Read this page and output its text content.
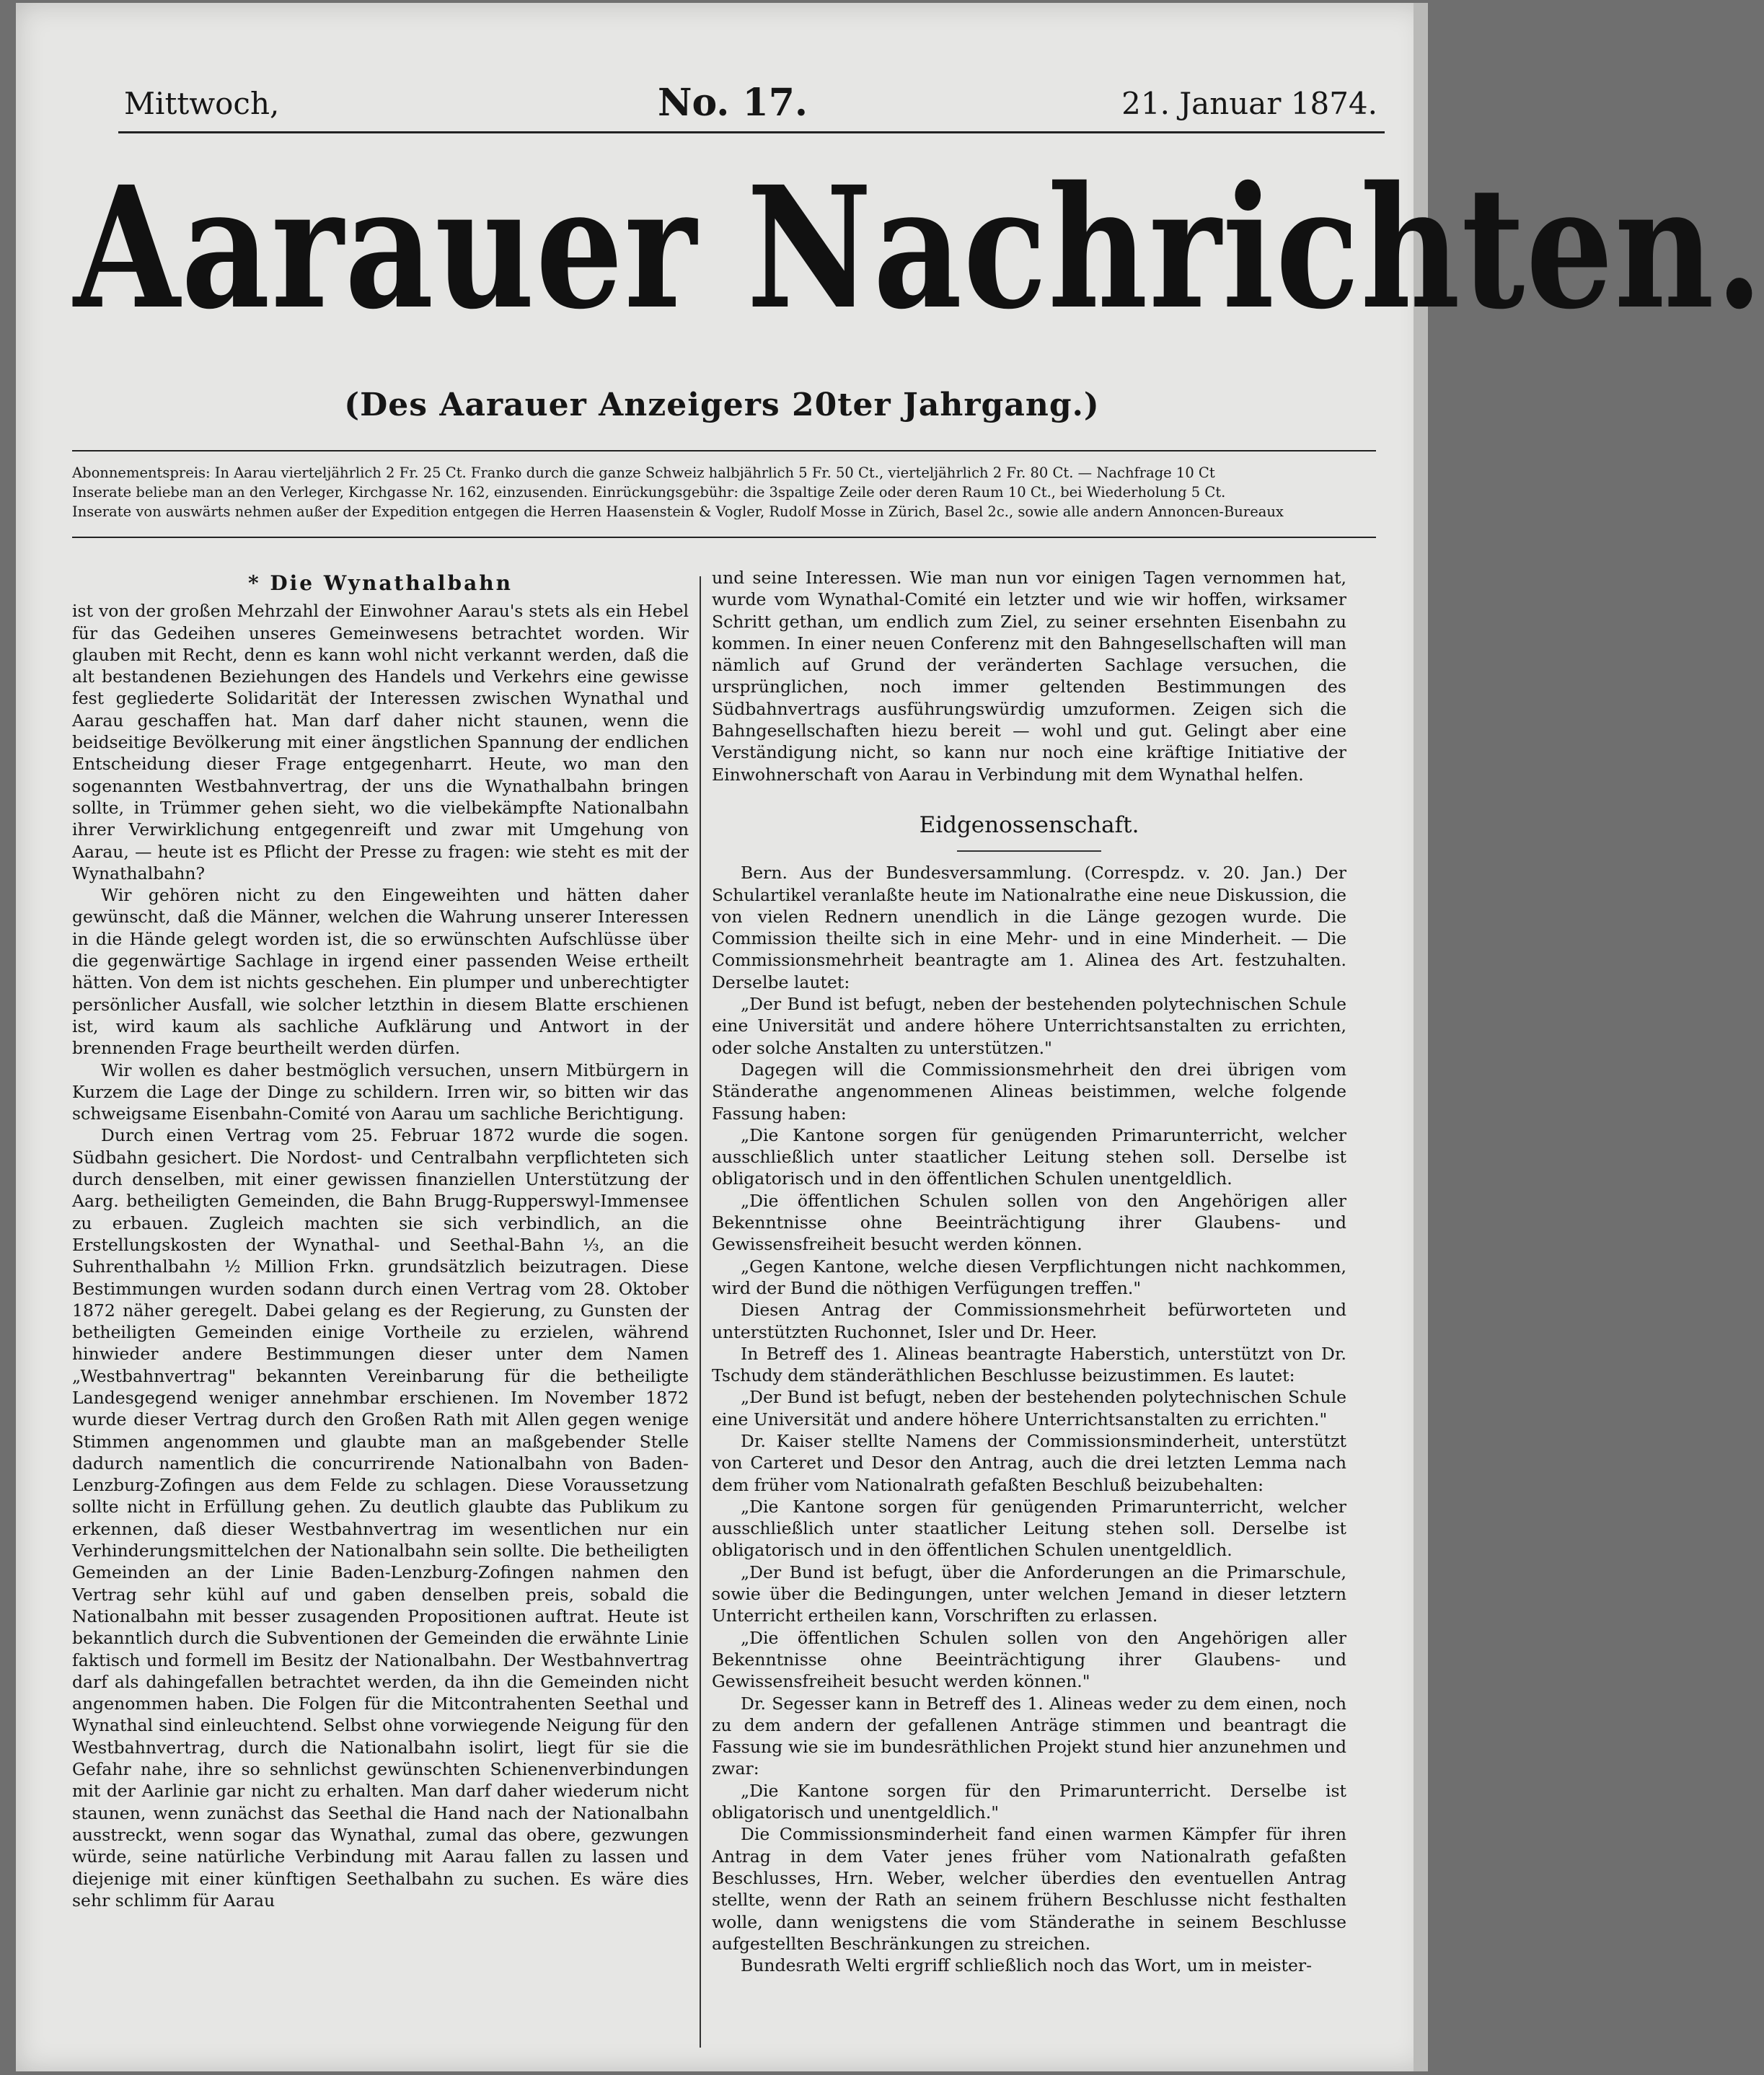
Mittwoch,	No. 17.	21. Januar 1874.
Aarauer Nachrichten.
(Des Aarauer Anzeigers 20ter Jahrgang.)

Abonnementspreis: In Aarau vierteljährlich 2 Fr. 25 Ct. Franko durch die ganze Schweiz halbjährlich 5 Fr. 50 Ct., vierteljährlich 2 Fr. 80 Ct. — Nachfrage 10 Ct

Inserate beliebe man an den Verleger, Kirchgasse Nr. 162, einzusenden. Einrückungsgebühr: die 3spaltige Zeile oder deren Raum 10 Ct., bei Wiederholung 5 Ct.

Inserate von auswärts nehmen außer der Expedition entgegen die Herren Haasenstein & Vogler, Rudolf Mosse in Zürich, Basel 2c., sowie alle andern Annoncen-Bureaux

* Die Wynathalbahn

ist von der großen Mehrzahl der Einwohner Aarau's stets als ein Hebel für das Gedeihen unseres Gemeinwesens betrachtet worden. Wir glauben mit Recht, denn es kann wohl nicht verkannt werden, daß die alt bestandenen Beziehungen des Handels und Verkehrs eine gewisse fest gegliederte Solidarität der Interessen zwischen Wynathal und Aarau geschaffen hat. Man darf daher nicht staunen, wenn die beidseitige Bevölkerung mit einer ängstlichen Spannung der endlichen Entscheidung dieser Frage entgegenharrt. Heute, wo man den sogenannten Westbahnvertrag, der uns die Wynathalbahn bringen sollte, in Trümmer gehen sieht, wo die vielbekämpfte Nationalbahn ihrer Verwirklichung entgegenreift und zwar mit Umgehung von Aarau, — heute ist es Pflicht der Presse zu fragen: wie steht es mit der Wynathalbahn?

Wir gehören nicht zu den Eingeweihten und hätten daher gewünscht, daß die Männer, welchen die Wahrung unserer Interessen in die Hände gelegt worden ist, die so erwünschten Aufschlüsse über die gegenwärtige Sachlage in irgend einer passenden Weise ertheilt hätten. Von dem ist nichts geschehen. Ein plumper und unberechtigter persönlicher Ausfall, wie solcher letzthin in diesem Blatte erschienen ist, wird kaum als sachliche Aufklärung und Antwort in der brennenden Frage beurtheilt werden dürfen.

Wir wollen es daher bestmöglich versuchen, unsern Mitbürgern in Kurzem die Lage der Dinge zu schildern. Irren wir, so bitten wir das schweigsame Eisenbahn-Comité von Aarau um sachliche Berichtigung.

Durch einen Vertrag vom 25. Februar 1872 wurde die sogen. Südbahn gesichert. Die Nordost- und Centralbahn verpflichteten sich durch denselben, mit einer gewissen finanziellen Unterstützung der Aarg. betheiligten Gemeinden, die Bahn Brugg-Rupperswyl-Immensee zu erbauen. Zugleich machten sie sich verbindlich, an die Erstellungskosten der Wynathal- und Seethal-Bahn ⅓, an die Suhrenthalbahn ½ Million Frkn. grundsätzlich beizutragen. Diese Bestimmungen wurden sodann durch einen Vertrag vom 28. Oktober 1872 näher geregelt. Dabei gelang es der Regierung, zu Gunsten der betheiligten Gemeinden einige Vortheile zu erzielen, während hinwieder andere Bestimmungen dieser unter dem Namen „Westbahnvertrag" bekannten Vereinbarung für die betheiligte Landesgegend weniger annehmbar erschienen. Im November 1872 wurde dieser Vertrag durch den Großen Rath mit Allen gegen wenige Stimmen angenommen und glaubte man an maßgebender Stelle dadurch namentlich die concurrirende Nationalbahn von Baden-Lenzburg-Zofingen aus dem Felde zu schlagen. Diese Voraussetzung sollte nicht in Erfüllung gehen. Zu deutlich glaubte das Publikum zu erkennen, daß dieser Westbahnvertrag im wesentlichen nur ein Verhinderungsmittelchen der Nationalbahn sein sollte. Die betheiligten Gemeinden an der Linie Baden-Lenzburg-Zofingen nahmen den Vertrag sehr kühl auf und gaben denselben preis, sobald die Nationalbahn mit besser zusagenden Propositionen auftrat. Heute ist bekanntlich durch die Subventionen der Gemeinden die erwähnte Linie faktisch und formell im Besitz der Nationalbahn. Der Westbahnvertrag darf als dahingefallen betrachtet werden, da ihn die Gemeinden nicht angenommen haben. Die Folgen für die Mitcontrahenten Seethal und Wynathal sind einleuchtend. Selbst ohne vorwiegende Neigung für den Westbahnvertrag, durch die Nationalbahn isolirt, liegt für sie die Gefahr nahe, ihre so sehnlichst gewünschten Schienenverbindungen mit der Aarlinie gar nicht zu erhalten. Man darf daher wiederum nicht staunen, wenn zunächst das Seethal die Hand nach der Nationalbahn ausstreckt, wenn sogar das Wynathal, zumal das obere, gezwungen würde, seine natürliche Verbindung mit Aarau fallen zu lassen und diejenige mit einer künftigen Seethalbahn zu suchen. Es wäre dies sehr schlimm für Aarau

und seine Interessen. Wie man nun vor einigen Tagen vernommen hat, wurde vom Wynathal-Comité ein letzter und wie wir hoffen, wirksamer Schritt gethan, um endlich zum Ziel, zu seiner ersehnten Eisenbahn zu kommen. In einer neuen Conferenz mit den Bahngesellschaften will man nämlich auf Grund der veränderten Sachlage versuchen, die ursprünglichen, noch immer geltenden Bestimmungen des Südbahnvertrags ausführungswürdig umzuformen. Zeigen sich die Bahngesellschaften hiezu bereit — wohl und gut. Gelingt aber eine Verständigung nicht, so kann nur noch eine kräftige Initiative der Einwohnerschaft von Aarau in Verbindung mit dem Wynathal helfen.

Eidgenossenschaft.

Bern. Aus der Bundesversammlung. (Correspdz. v. 20. Jan.) Der Schulartikel veranlaßte heute im Nationalrathe eine neue Diskussion, die von vielen Rednern unendlich in die Länge gezogen wurde. Die Commission theilte sich in eine Mehr- und in eine Minderheit. — Die Commissionsmehrheit beantragte am 1. Alinea des Art. festzuhalten. Derselbe lautet:

„Der Bund ist befugt, neben der bestehenden polytechnischen Schule eine Universität und andere höhere Unterrichtsanstalten zu errichten, oder solche Anstalten zu unterstützen."

Dagegen will die Commissionsmehrheit den drei übrigen vom Ständerathe angenommenen Alineas beistimmen, welche folgende Fassung haben:

„Die Kantone sorgen für genügenden Primarunterricht, welcher ausschließlich unter staatlicher Leitung stehen soll. Derselbe ist obligatorisch und in den öffentlichen Schulen unentgeldlich.

„Die öffentlichen Schulen sollen von den Angehörigen aller Bekenntnisse ohne Beeinträchtigung ihrer Glaubens- und Gewissensfreiheit besucht werden können.

„Gegen Kantone, welche diesen Verpflichtungen nicht nachkommen, wird der Bund die nöthigen Verfügungen treffen."

Diesen Antrag der Commissionsmehrheit befürworteten und unterstützten Ruchonnet, Isler und Dr. Heer.

In Betreff des 1. Alineas beantragte Haberstich, unterstützt von Dr. Tschudy dem ständeräthlichen Beschlusse beizustimmen. Es lautet:

„Der Bund ist befugt, neben der bestehenden polytechnischen Schule eine Universität und andere höhere Unterrichtsanstalten zu errichten."

Dr. Kaiser stellte Namens der Commissionsminderheit, unterstützt von Carteret und Desor den Antrag, auch die drei letzten Lemma nach dem früher vom Nationalrath gefaßten Beschluß beizubehalten:

„Die Kantone sorgen für genügenden Primarunterricht, welcher ausschließlich unter staatlicher Leitung stehen soll. Derselbe ist obligatorisch und in den öffentlichen Schulen unentgeldlich.

„Der Bund ist befugt, über die Anforderungen an die Primarschule, sowie über die Bedingungen, unter welchen Jemand in dieser letztern Unterricht ertheilen kann, Vorschriften zu erlassen.

„Die öffentlichen Schulen sollen von den Angehörigen aller Bekenntnisse ohne Beeinträchtigung ihrer Glaubens- und Gewissensfreiheit besucht werden können."

Dr. Segesser kann in Betreff des 1. Alineas weder zu dem einen, noch zu dem andern der gefallenen Anträge stimmen und beantragt die Fassung wie sie im bundesräthlichen Projekt stund hier anzunehmen und zwar:

„Die Kantone sorgen für den Primarunterricht. Derselbe ist obligatorisch und unentgeldlich."

Die Commissionsminderheit fand einen warmen Kämpfer für ihren Antrag in dem Vater jenes früher vom Nationalrath gefaßten Beschlusses, Hrn. Weber, welcher überdies den eventuellen Antrag stellte, wenn der Rath an seinem frühern Beschlusse nicht festhalten wolle, dann wenigstens die vom Ständerathe in seinem Beschlusse aufgestellten Beschränkungen zu streichen.

Bundesrath Welti ergriff schließlich noch das Wort, um in meister-
